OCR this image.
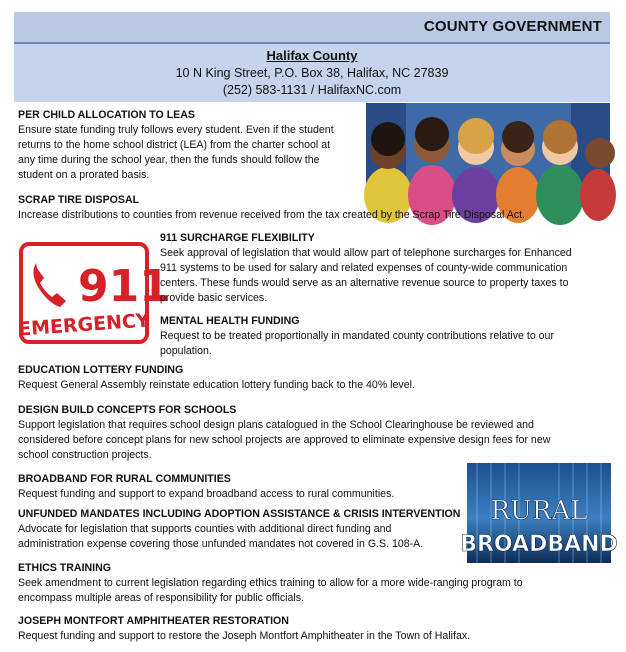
COUNTY GOVERNMENT
Halifax County
10 N King Street, P.O. Box 38, Halifax, NC 27839
(252) 583-1131 / HalifaxNC.com
PER CHILD ALLOCATION TO LEAS

Ensure state funding truly follows every student. Even if the student

returns to the home school district (LEA) from the charter school at

any time during the school year, then the funds should follow the

student on a prorated basis.

SCRAP TIRE DISPOSAL

Increase distributions to counties from revenue received from the tax created by the Scrap Tire Disposal Act.

911
EMERGENCY
911 SURCHARGE FLEXIBILITY

Seek approval of legislation that would allow part of telephone surcharges for Enhanced

911 systems to be used for salary and related expenses of county-wide communication

centers. These funds would serve as an alternative revenue source to property taxes to

provide basic services.

MENTAL HEALTH FUNDING

Request to be treated proportionally in mandated county contributions relative to our

population.

EDUCATION LOTTERY FUNDING

Request General Assembly reinstate education lottery funding back to the 40% level.

DESIGN BUILD CONCEPTS FOR SCHOOLS

Support legislation that requires school design plans catalogued in the School Clearinghouse be reviewed and

considered before concept plans for new school projects are approved to eliminate expensive design fees for new

school construction projects.

BROADBAND FOR RURAL COMMUNITIES

Request funding and support to expand broadband access to rural communities.

RURAL
BROADBAND
UNFUNDED MANDATES INCLUDING ADOPTION ASSISTANCE & CRISIS INTERVENTION

Advocate for legislation that supports counties with additional direct funding and

administration expense covering those unfunded mandates not covered in G.S. 108-A.

ETHICS TRAINING

Seek amendment to current legislation regarding ethics training to allow for a more wide-ranging program to

encompass multiple areas of responsibility for public officials.

JOSEPH MONTFORT AMPHITHEATER RESTORATION

Request funding and support to restore the Joseph Montfort Amphitheater in the Town of Halifax.
